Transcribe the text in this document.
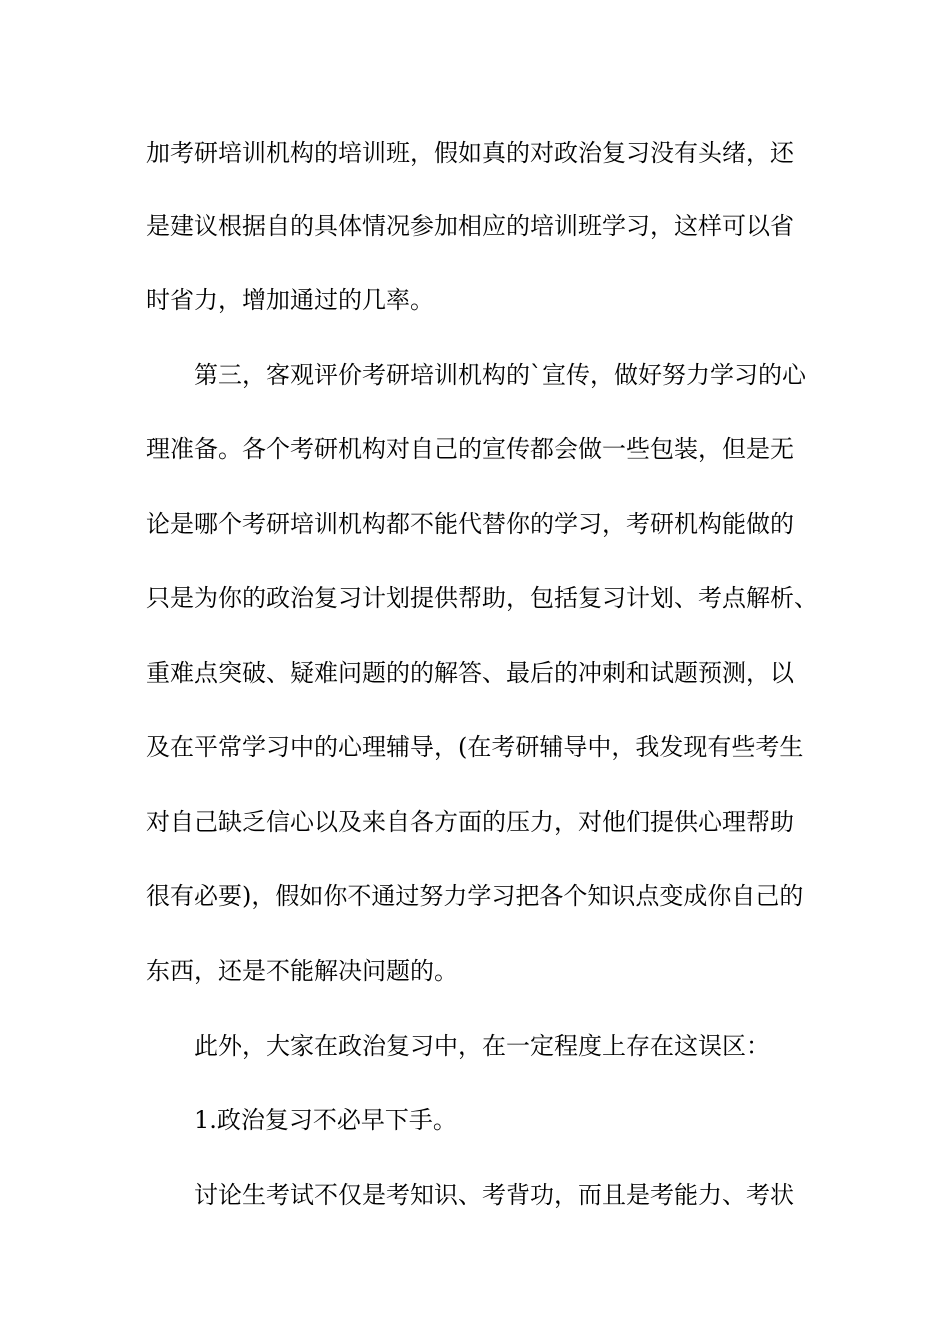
加考研培训机构的培训班，假如真的对政治复习没有头绪，还

是建议根据自的具体情况参加相应的培训班学习，这样可以省

时省力，增加通过的几率。

第三，客观评价考研培训机构的`宣传，做好努力学习的心

理准备。各个考研机构对自己的宣传都会做一些包装，但是无

论是哪个考研培训机构都不能代替你的学习，考研机构能做的

只是为你的政治复习计划提供帮助，包括复习计划、考点解析、

重难点突破、疑难问题的的解答、最后的冲刺和试题预测，以

及在平常学习中的心理辅导，(在考研辅导中，我发现有些考生

对自己缺乏信心以及来自各方面的压力，对他们提供心理帮助

很有必要)，假如你不通过努力学习把各个知识点变成你自己的

东西，还是不能解决问题的。

此外，大家在政治复习中，在一定程度上存在这误区：

1.政治复习不必早下手。

讨论生考试不仅是考知识、考背功，而且是考能力、考状
